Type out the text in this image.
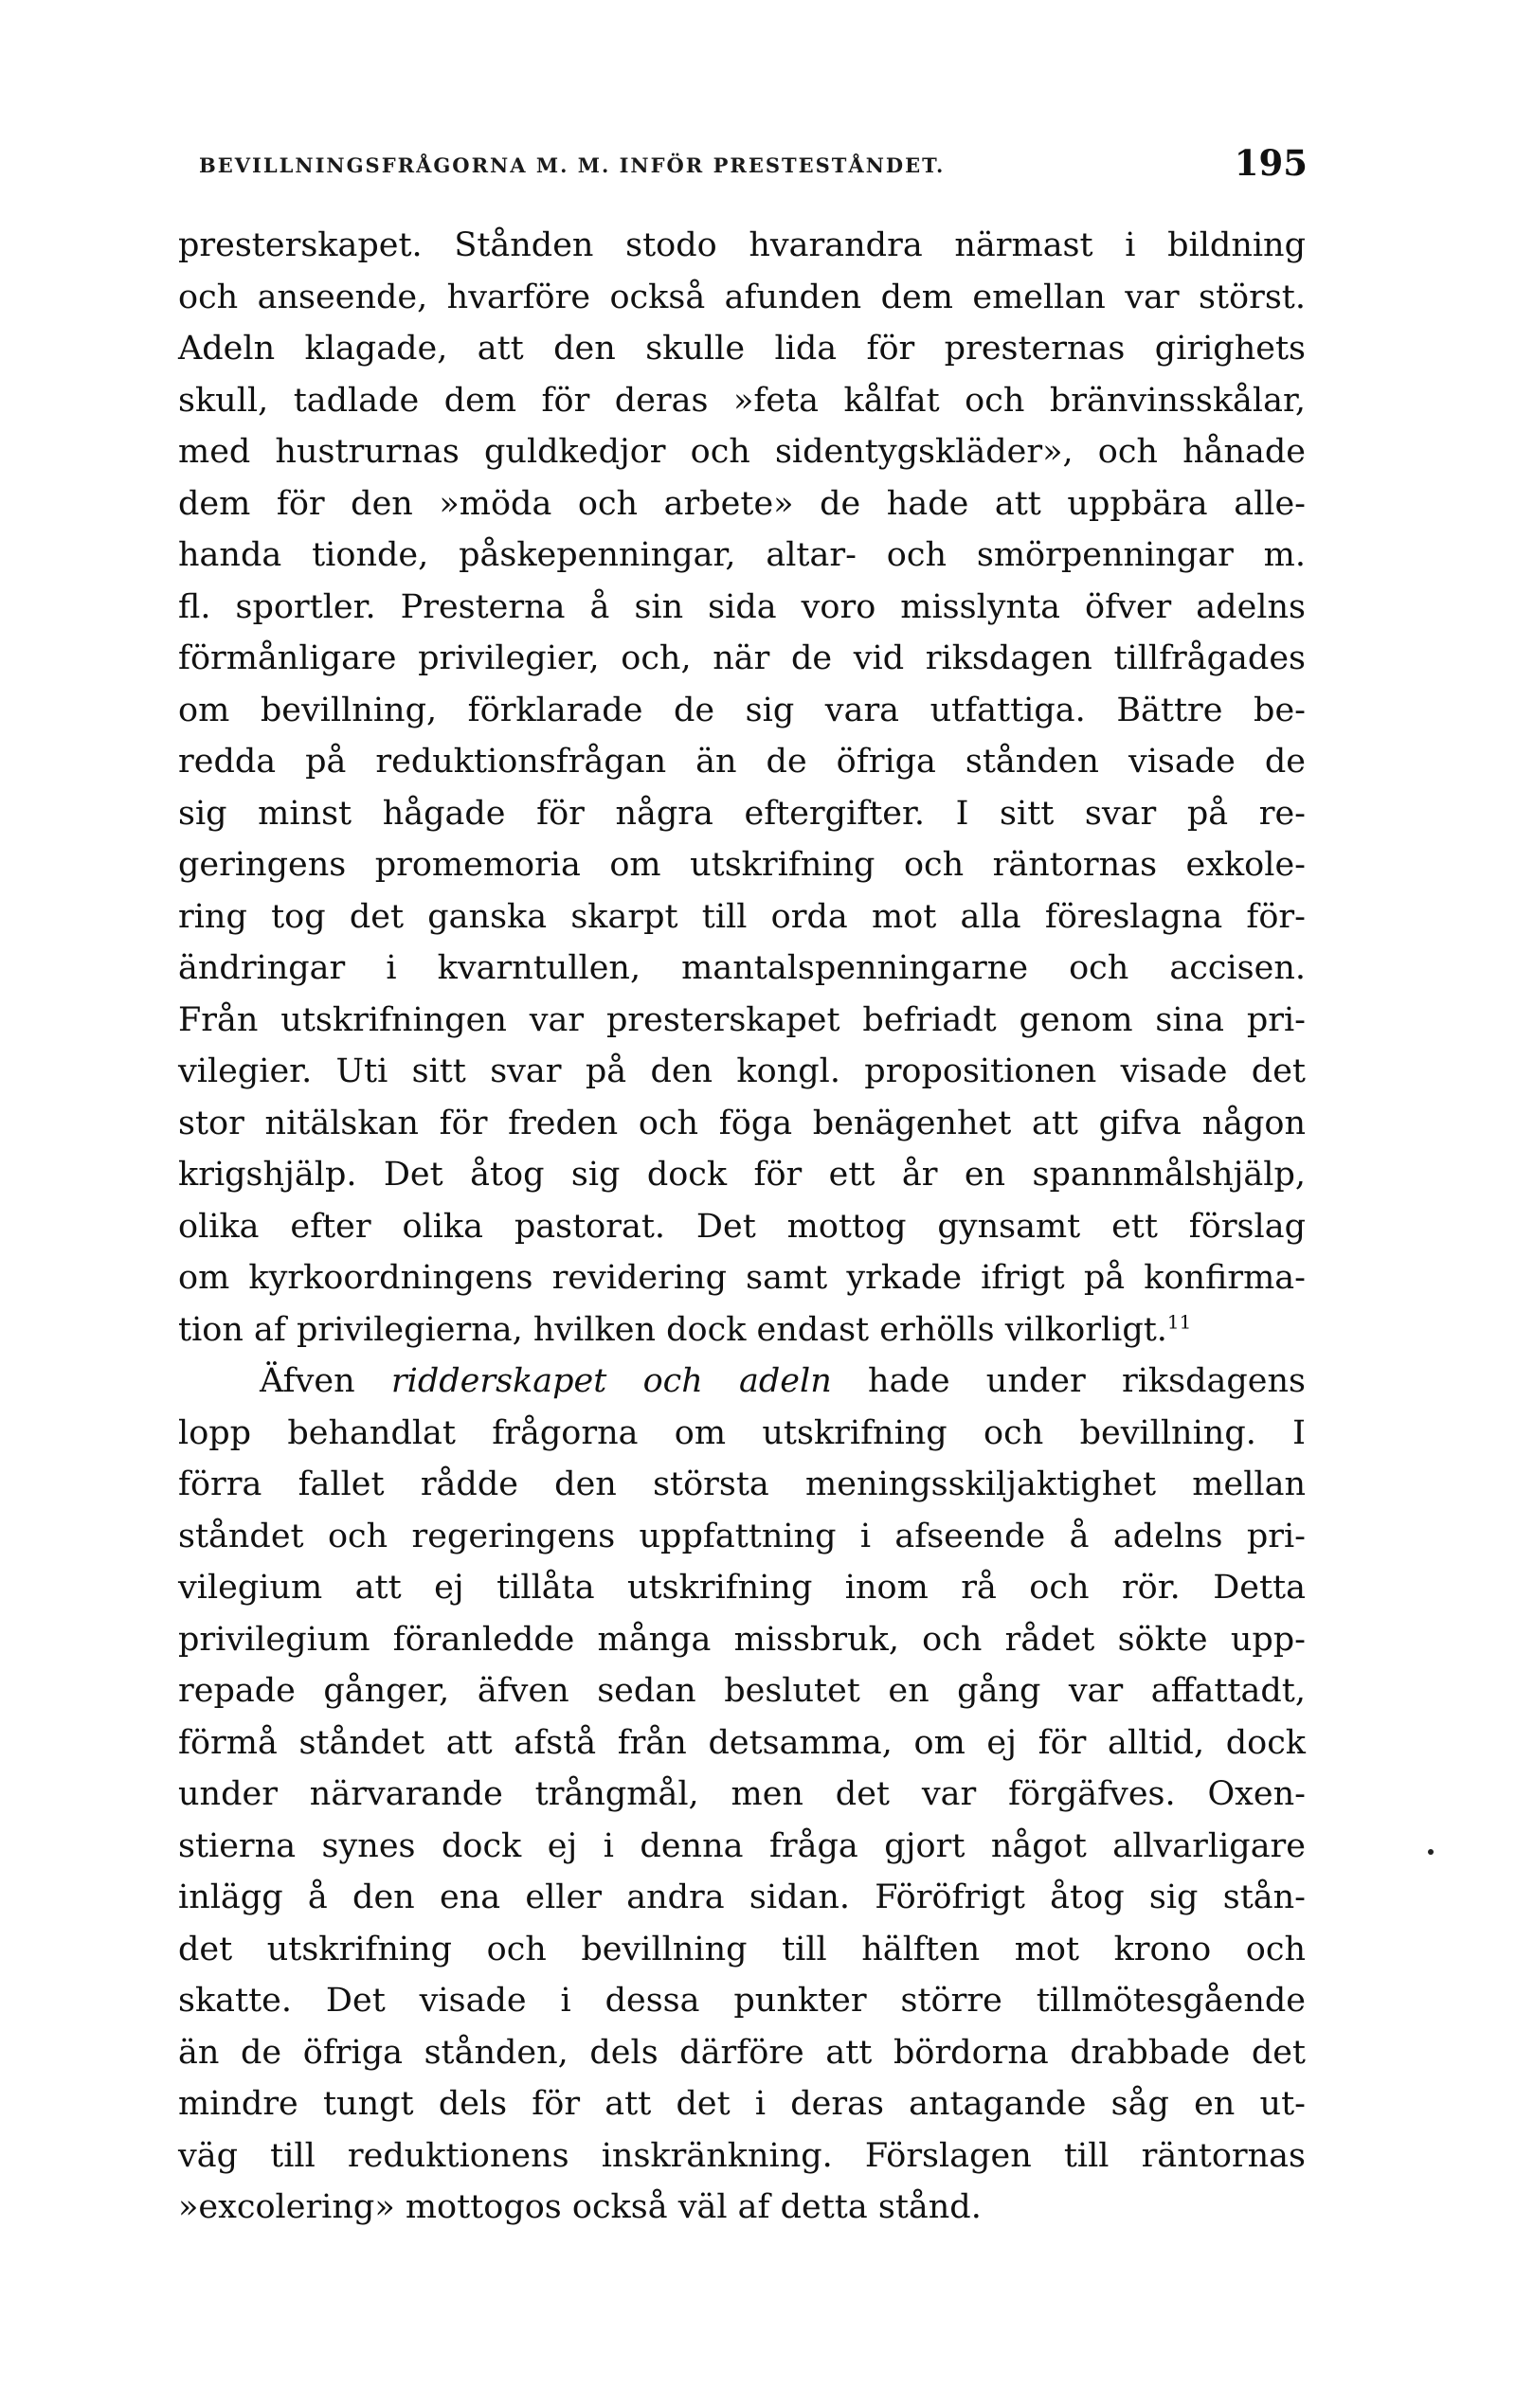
BEVILLNINGSFRÅGORNA M. M. INFÖR PRESTESTÅNDET.	195
presterskapet. Stånden stodo hvarandra närmast i bildning
och anseende, hvarföre också afunden dem emellan var störst.
Adeln klagade, att den skulle lida för presternas girighets
skull, tadlade dem för deras »feta kålfat och bränvinsskålar,
med hustrurnas guldkedjor och sidentygskläder», och hånade
dem för den »möda och arbete» de hade att uppbära alle-
handa tionde, påskepenningar, altar- och smörpenningar m.
fl. sportler. Presterna å sin sida voro misslynta öfver adelns
förmånligare privilegier, och, när de vid riksdagen tillfrågades
om bevillning, förklarade de sig vara utfattiga. Bättre be-
redda på reduktionsfrågan än de öfriga stånden visade de
sig minst hågade för några eftergifter. I sitt svar på re-
geringens promemoria om utskrifning och räntornas exkole-
ring tog det ganska skarpt till orda mot alla föreslagna för-
ändringar i kvarntullen, mantalspenningarne och accisen.
Från utskrifningen var presterskapet befriadt genom sina pri-
vilegier. Uti sitt svar på den kongl. propositionen visade det
stor nitälskan för freden och föga benägenhet att gifva någon
krigshjälp. Det åtog sig dock för ett år en spannmålshjälp,
olika efter olika pastorat. Det mottog gynsamt ett förslag
om kyrkoordningens revidering samt yrkade ifrigt på konfirma-
tion af privilegierna, hvilken dock endast erhölls vilkorligt.$^{11}$
Äfven ridderskapet och adeln hade under riksdagens
lopp behandlat frågorna om utskrifning och bevillning. I
förra fallet rådde den största meningsskiljaktighet mellan
ståndet och regeringens uppfattning i afseende å adelns pri-
vilegium att ej tillåta utskrifning inom rå och rör. Detta
privilegium föranledde många missbruk, och rådet sökte upp-
repade gånger, äfven sedan beslutet en gång var affattadt,
förmå ståndet att afstå från detsamma, om ej för alltid, dock
under närvarande trångmål, men det var förgäfves. Oxen-
stierna synes dock ej i denna fråga gjort något allvarligare
inlägg å den ena eller andra sidan. Föröfrigt åtog sig stån-
det utskrifning och bevillning till hälften mot krono och
skatte. Det visade i dessa punkter större tillmötesgående
än de öfriga stånden, dels därföre att bördorna drabbade det
mindre tungt dels för att det i deras antagande såg en ut-
väg till reduktionens inskränkning. Förslagen till räntornas
»excolering» mottogos också väl af detta stånd.
